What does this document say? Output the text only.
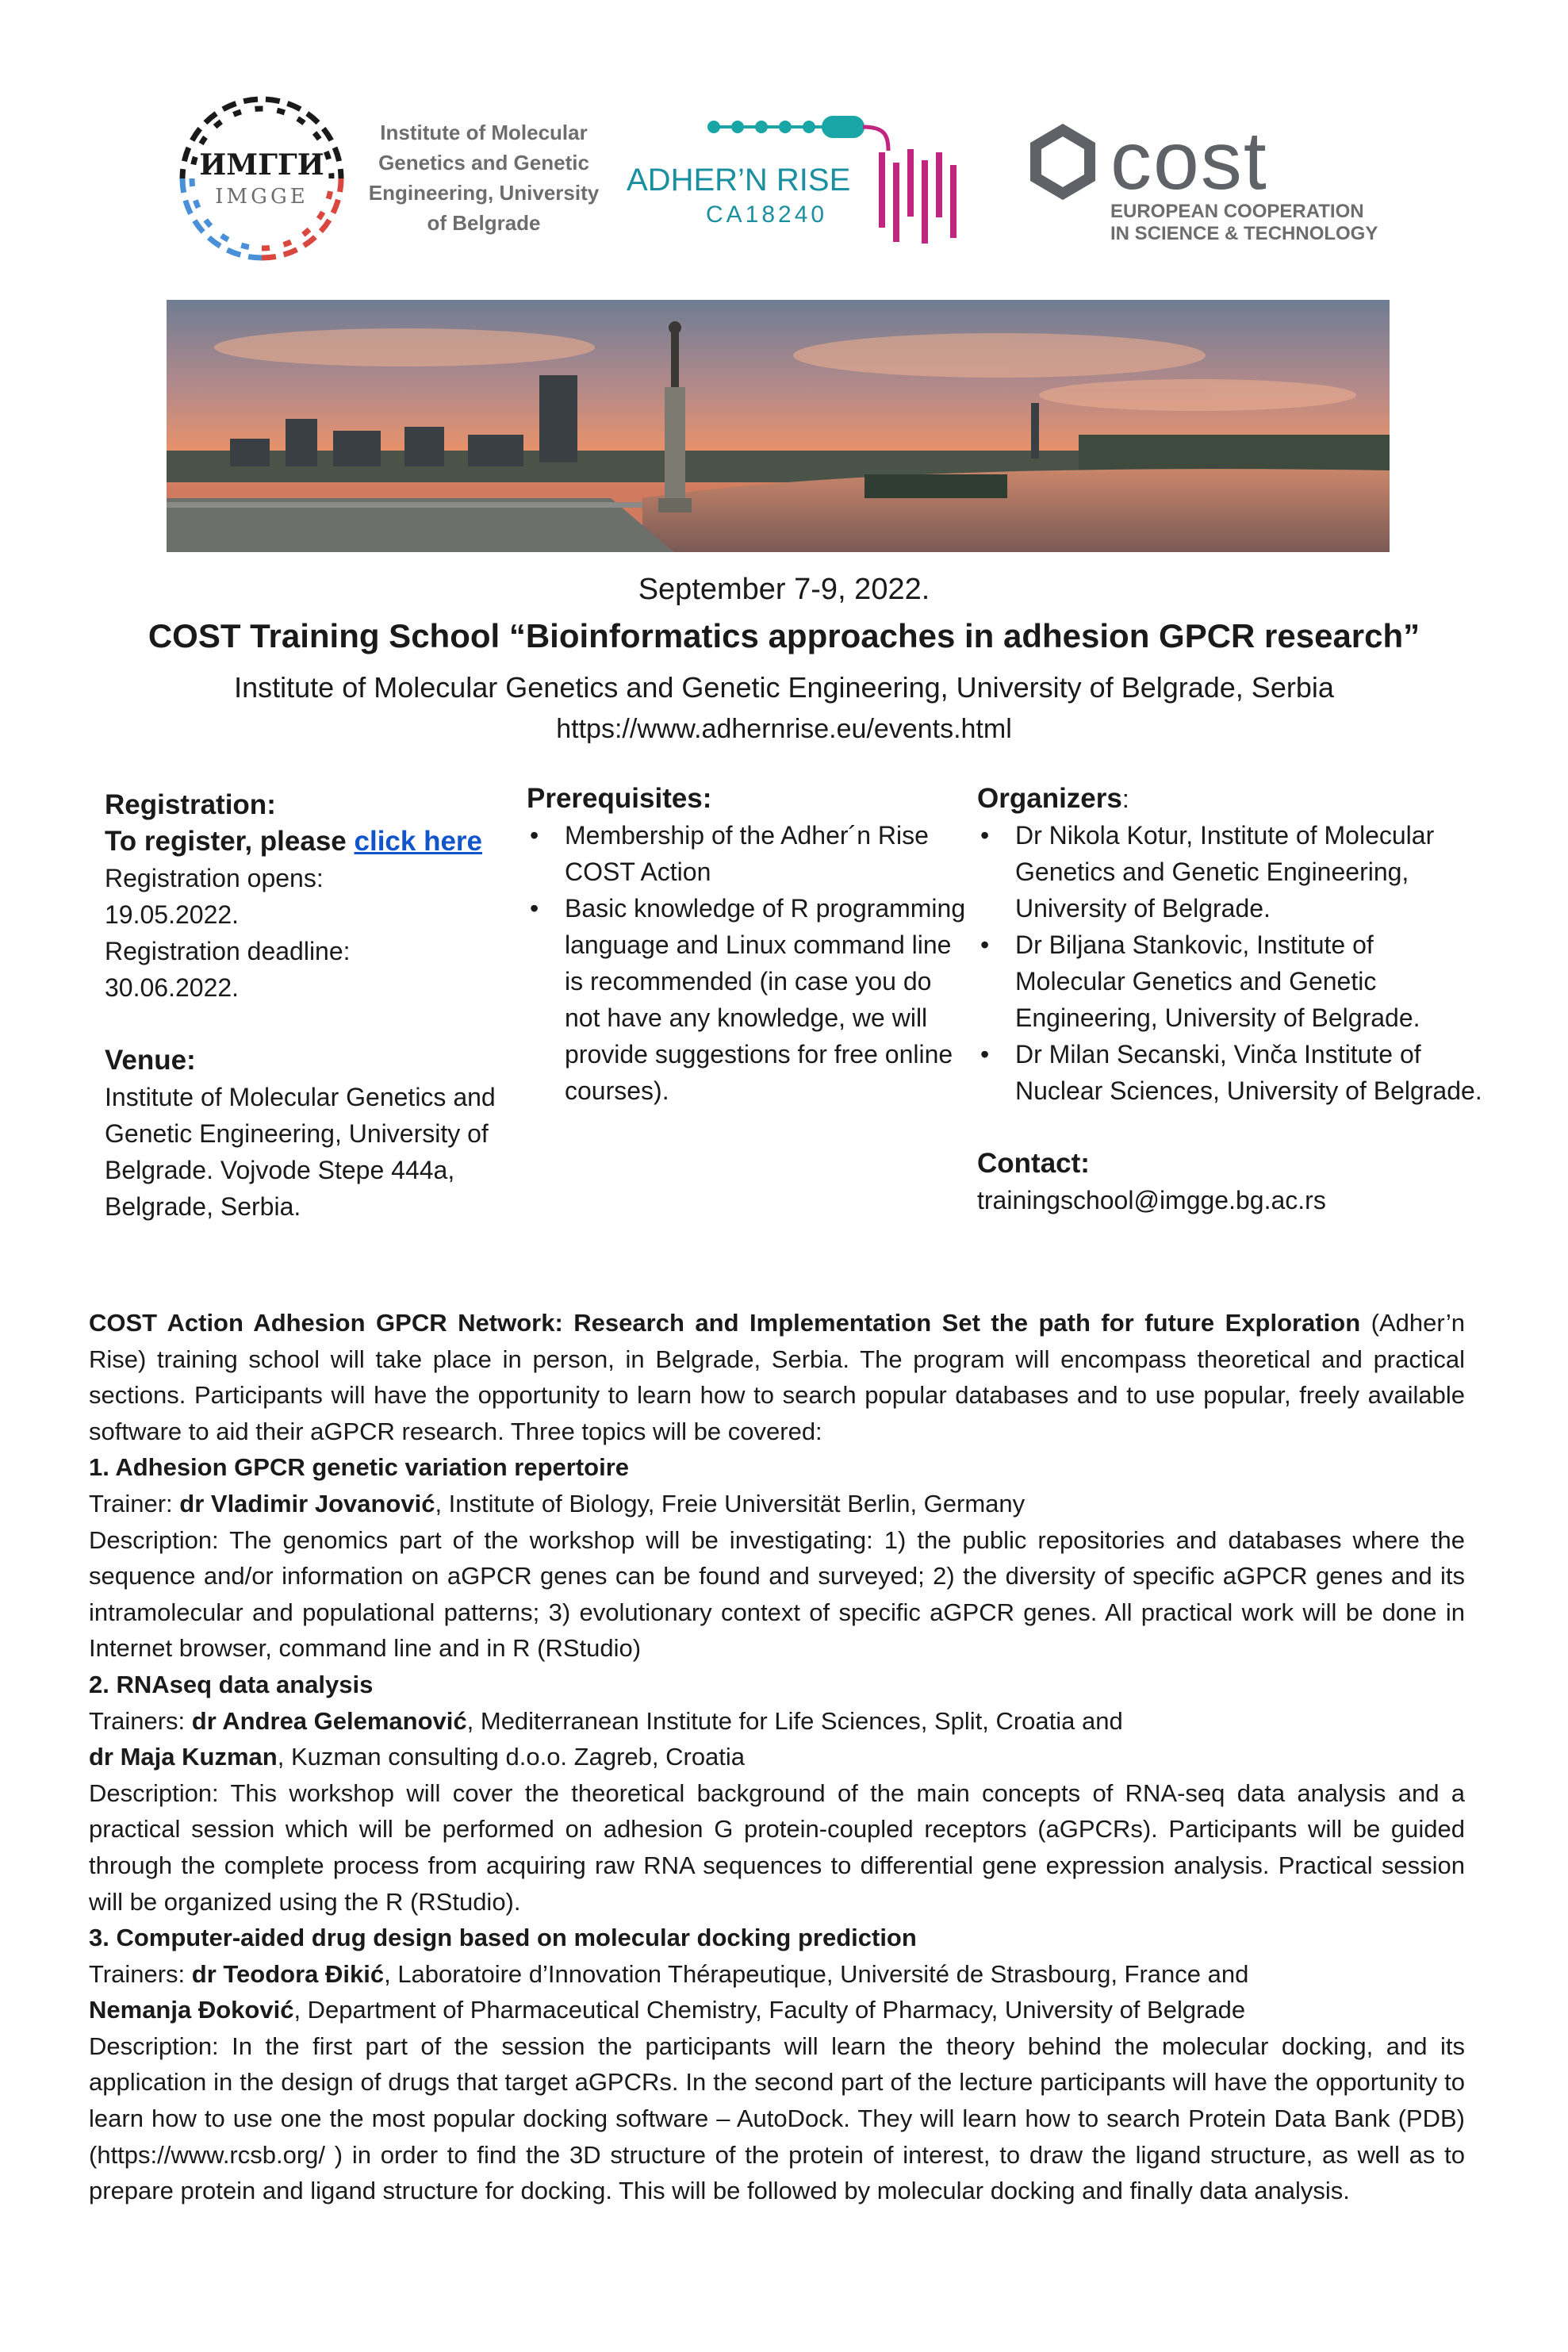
ИМГГИ
IMGGE
Institute of Molecular Genetics and Genetic Engineering, University of Belgrade
ADHER’N RISE
CA18240
cost
EUROPEAN COOPERATION
IN SCIENCE & TECHNOLOGY
September 7-9, 2022.
COST Training School “Bioinformatics approaches in adhesion GPCR research”
Institute of Molecular Genetics and Genetic Engineering, University of Belgrade, Serbia
https://www.adhernrise.eu/events.html
Registration:
To register, please click here
Registration opens:
19.05.2022.
Registration deadline:
30.06.2022.
Venue:
Institute of Molecular Genetics and Genetic Engineering, University of Belgrade. Vojvode Stepe 444a, Belgrade, Serbia.
Prerequisites:
• Membership of the Adher´n Rise COST Action
• Basic knowledge of R programming language and Linux command line is recommended (in case you do not have any knowledge, we will provide suggestions for free online courses).
Organizers:
• Dr Nikola Kotur, Institute of Molecular Genetics and Genetic Engineering, University of Belgrade.
• Dr Biljana Stankovic, Institute of Molecular Genetics and Genetic Engineering, University of Belgrade.
• Dr Milan Secanski, Vinča Institute of Nuclear Sciences, University of Belgrade.
Contact:
trainingschool@imgge.bg.ac.rs

COST Action Adhesion GPCR Network: Research and Implementation Set the path for future Exploration (Adher’n Rise) training school will take place in person, in Belgrade, Serbia. The program will encompass theoretical and practical sections. Participants will have the opportunity to learn how to search popular databases and to use popular, freely available software to aid their aGPCR research. Three topics will be covered:

1. Adhesion GPCR genetic variation repertoire

Trainer: dr Vladimir Jovanović, Institute of Biology, Freie Universität Berlin, Germany

Description: The genomics part of the workshop will be investigating: 1) the public repositories and databases where the sequence and/or information on aGPCR genes can be found and surveyed; 2) the diversity of specific aGPCR genes and its intramolecular and populational patterns; 3) evolutionary context of specific aGPCR genes. All practical work will be done in Internet browser, command line and in R (RStudio)

2. RNAseq data analysis

Trainers: dr Andrea Gelemanović, Mediterranean Institute for Life Sciences, Split, Croatia and

dr Maja Kuzman, Kuzman consulting d.o.o. Zagreb, Croatia

Description: This workshop will cover the theoretical background of the main concepts of RNA-seq data analysis and a practical session which will be performed on adhesion G protein-coupled receptors (aGPCRs). Participants will be guided through the complete process from acquiring raw RNA sequences to differential gene expression analysis. Practical session will be organized using the R (RStudio).

3. Computer-aided drug design based on molecular docking prediction

Trainers: dr Teodora Đikić, Laboratoire d’Innovation Thérapeutique, Université de Strasbourg, France and

Nemanja Đoković, Department of Pharmaceutical Chemistry, Faculty of Pharmacy, University of Belgrade

Description: In the first part of the session the participants will learn the theory behind the molecular docking, and its application in the design of drugs that target aGPCRs. In the second part of the lecture participants will have the opportunity to learn how to use one the most popular docking software – AutoDock. They will learn how to search Protein Data Bank (PDB) (https://www.rcsb.org/ ) in order to find the 3D structure of the protein of interest, to draw the ligand structure, as well as to prepare protein and ligand structure for docking. This will be followed by molecular docking and finally data analysis.
